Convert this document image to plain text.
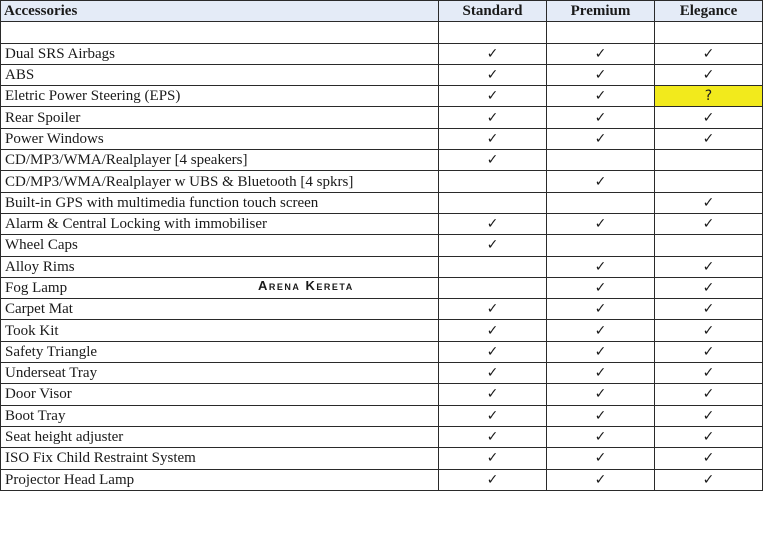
Accessories	Standard	Premium	Elegance

Dual SRS Airbags	✓	✓	✓
ABS	✓	✓	✓
Eletric Power Steering (EPS)	✓	✓	?
Rear Spoiler	✓	✓	✓
Power Windows	✓	✓	✓
CD/MP3/WMA/Realplayer [4 speakers]	✓		
CD/MP3/WMA/Realplayer w UBS & Bluetooth [4 spkrs]		✓	
Built-in GPS with multimedia function touch screen			✓
Alarm & Central Locking with immobiliser	✓	✓	✓
Wheel Caps	✓		
Alloy Rims		✓	✓
Fog Lamp		✓	✓
Carpet Mat	✓	✓	✓
Took Kit	✓	✓	✓
Safety Triangle	✓	✓	✓
Underseat Tray	✓	✓	✓
Door Visor	✓	✓	✓
Boot Tray	✓	✓	✓
Seat height adjuster	✓	✓	✓
ISO Fix Child Restraint System	✓	✓	✓
Projector Head Lamp	✓	✓	✓
Arena Kereta
